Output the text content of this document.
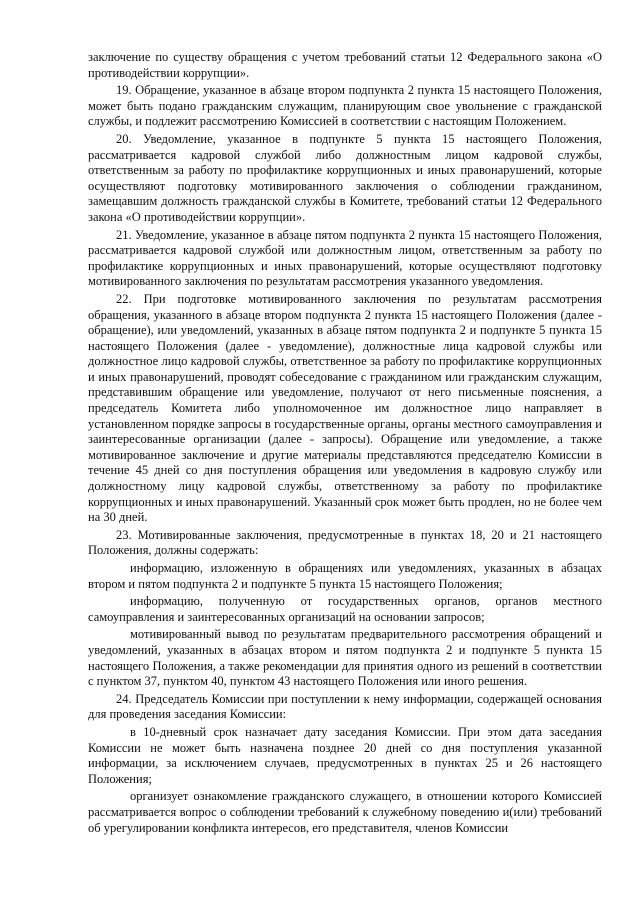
заключение по существу обращения с учетом требований статьи 12 Федерального закона «О противодействии коррупции».

19. Обращение, указанное в абзаце втором подпункта 2 пункта 15 настоящего Положения, может быть подано гражданским служащим, планирующим свое увольнение с гражданской службы, и подлежит рассмотрению Комиссией в соответствии с настоящим Положением.

20. Уведомление, указанное в подпункте 5 пункта 15 настоящего Положения, рассматривается кадровой службой либо должностным лицом кадровой службы, ответственным за работу по профилактике коррупционных и иных правонарушений, которые осуществляют подготовку мотивированного заключения о соблюдении гражданином, замещавшим должность гражданской службы в Комитете, требований статьи 12 Федерального закона «О противодействии коррупции».

21. Уведомление, указанное в абзаце пятом подпункта 2 пункта 15 настоящего Положения, рассматривается кадровой службой или должностным лицом, ответственным за работу по профилактике коррупционных и иных правонарушений, которые осуществляют подготовку мотивированного заключения по результатам рассмотрения указанного уведомления.

22. При подготовке мотивированного заключения по результатам рассмотрения обращения, указанного в абзаце втором подпункта 2 пункта 15 настоящего Положения (далее - обращение), или уведомлений, указанных в абзаце пятом подпункта 2 и подпункте 5 пункта 15 настоящего Положения (далее - уведомление), должностные лица кадровой службы или должностное лицо кадровой службы, ответственное за работу по профилактике коррупционных и иных правонарушений, проводят собеседование с гражданином или гражданским служащим, представившим обращение или уведомление, получают от него письменные пояснения, а председатель Комитета либо уполномоченное им должностное лицо направляет в установленном порядке запросы в государственные органы, органы местного самоуправления и заинтересованные организации (далее - запросы). Обращение или уведомление, а также мотивированное заключение и другие материалы представляются председателю Комиссии в течение 45 дней со дня поступления обращения или уведомления в кадровую службу или должностному лицу кадровой службы, ответственному за работу по профилактике коррупционных и иных правонарушений. Указанный срок может быть продлен, но не более чем на 30 дней.

23. Мотивированные заключения, предусмотренные в пунктах 18, 20 и 21 настоящего Положения, должны содержать:

информацию, изложенную в обращениях или уведомлениях, указанных в абзацах втором и пятом подпункта 2 и подпункте 5 пункта 15 настоящего Положения;

информацию, полученную от государственных органов, органов местного самоуправления и заинтересованных организаций на основании запросов;

мотивированный вывод по результатам предварительного рассмотрения обращений и уведомлений, указанных в абзацах втором и пятом подпункта 2 и подпункте 5 пункта 15 настоящего Положения, а также рекомендации для принятия одного из решений в соответствии с пунктом 37, пунктом 40, пунктом 43 настоящего Положения или иного решения.

24. Председатель Комиссии при поступлении к нему информации, содержащей основания для проведения заседания Комиссии:

в 10-дневный срок назначает дату заседания Комиссии. При этом дата заседания Комиссии не может быть назначена позднее 20 дней со дня поступления указанной информации, за исключением случаев, предусмотренных в пунктах 25 и 26 настоящего Положения;

организует ознакомление гражданского служащего, в отношении которого Комиссией рассматривается вопрос о соблюдении требований к служебному поведению и(или) требований об урегулировании конфликта интересов, его представителя, членов Комиссии
